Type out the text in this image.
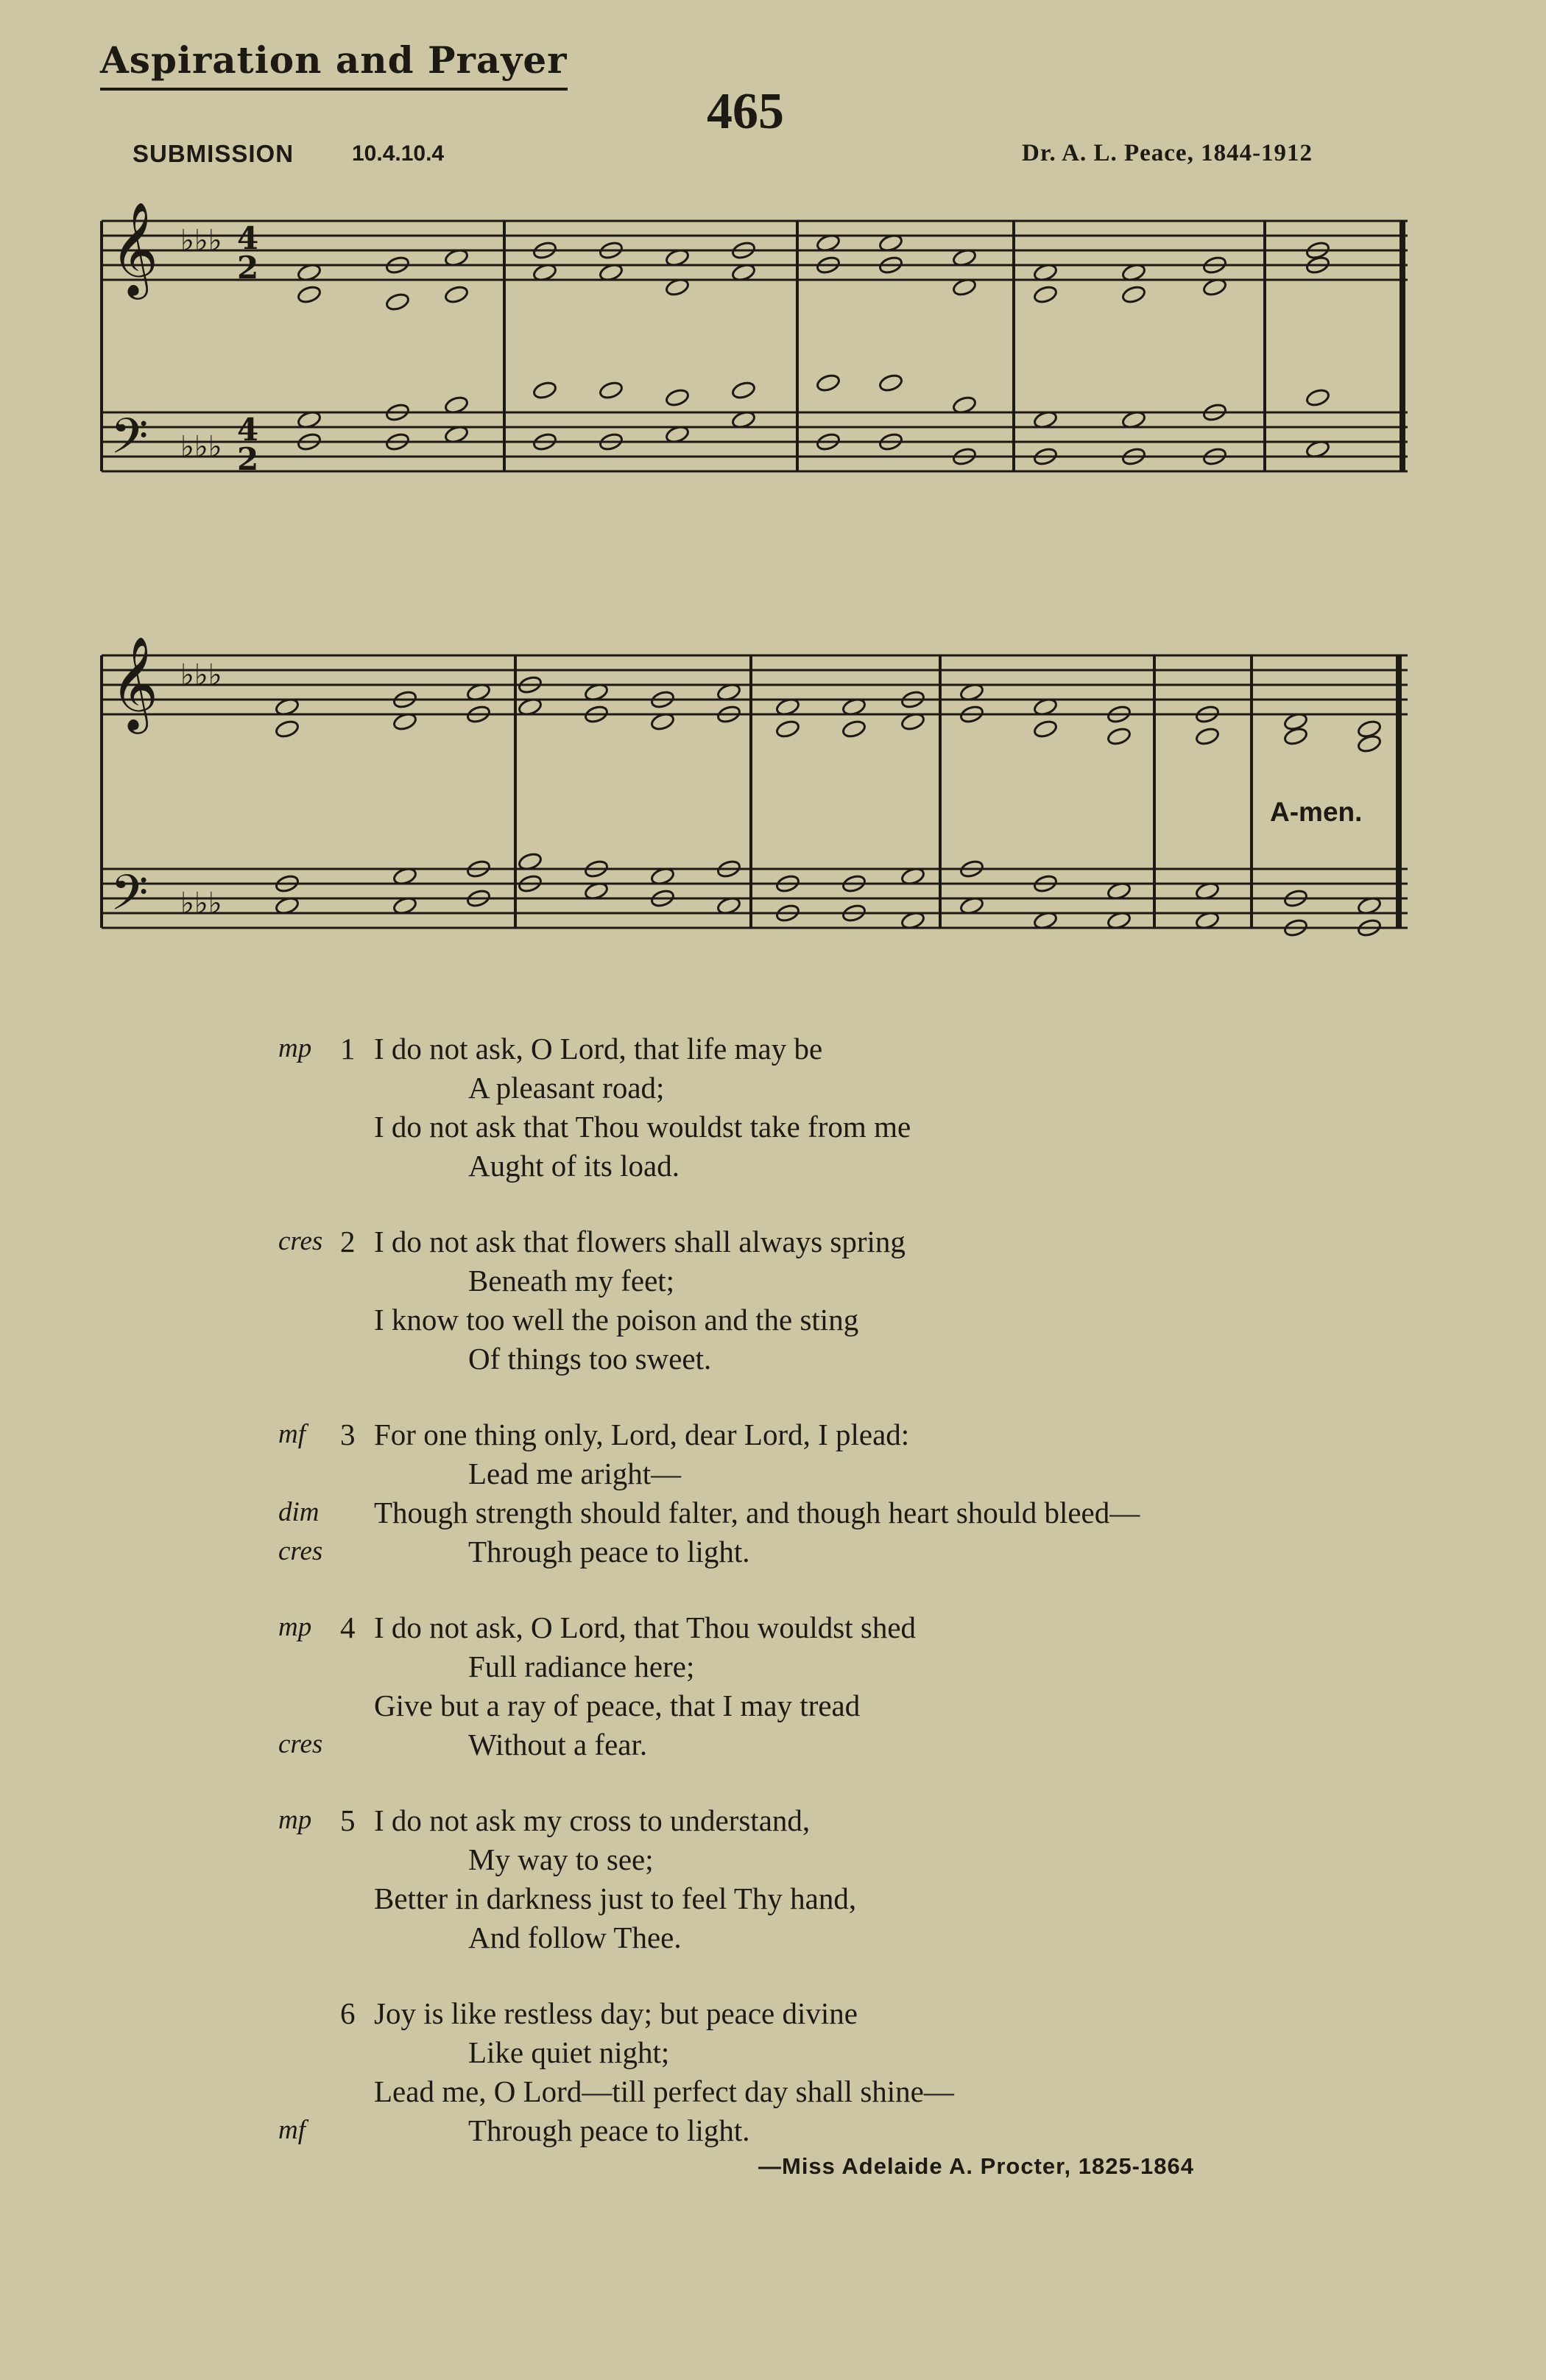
Aspiration and Prayer
465
SUBMISSION	10.4.10.4	Dr. A. L. Peace, 1844-1912
𝄞
𝄢
♭♭♭
♭♭♭
4 2
4 2
𝄞
𝄢
♭♭♭
♭♭♭
A-men.
1 I do not ask, O Lord, that life may be
A pleasant road;
I do not ask that Thou wouldst take from me
Aught of its load.
mp
2 I do not ask that flowers shall always spring
Beneath my feet;
I know too well the poison and the sting
Of things too sweet.
cres
3 For one thing only, Lord, dear Lord, I plead:
Lead me aright—
Though strength should falter, and though heart should bleed—
Through peace to light.
mf
dim
cres
4 I do not ask, O Lord, that Thou wouldst shed
Full radiance here;
Give but a ray of peace, that I may tread
Without a fear.
mp
cres
5 I do not ask my cross to understand,
My way to see;
Better in darkness just to feel Thy hand,
And follow Thee.
mp
6 Joy is like restless day; but peace divine
Like quiet night;
Lead me, O Lord—till perfect day shall shine—
Through peace to light.
mf
—Miss Adelaide A. Procter, 1825-1864
